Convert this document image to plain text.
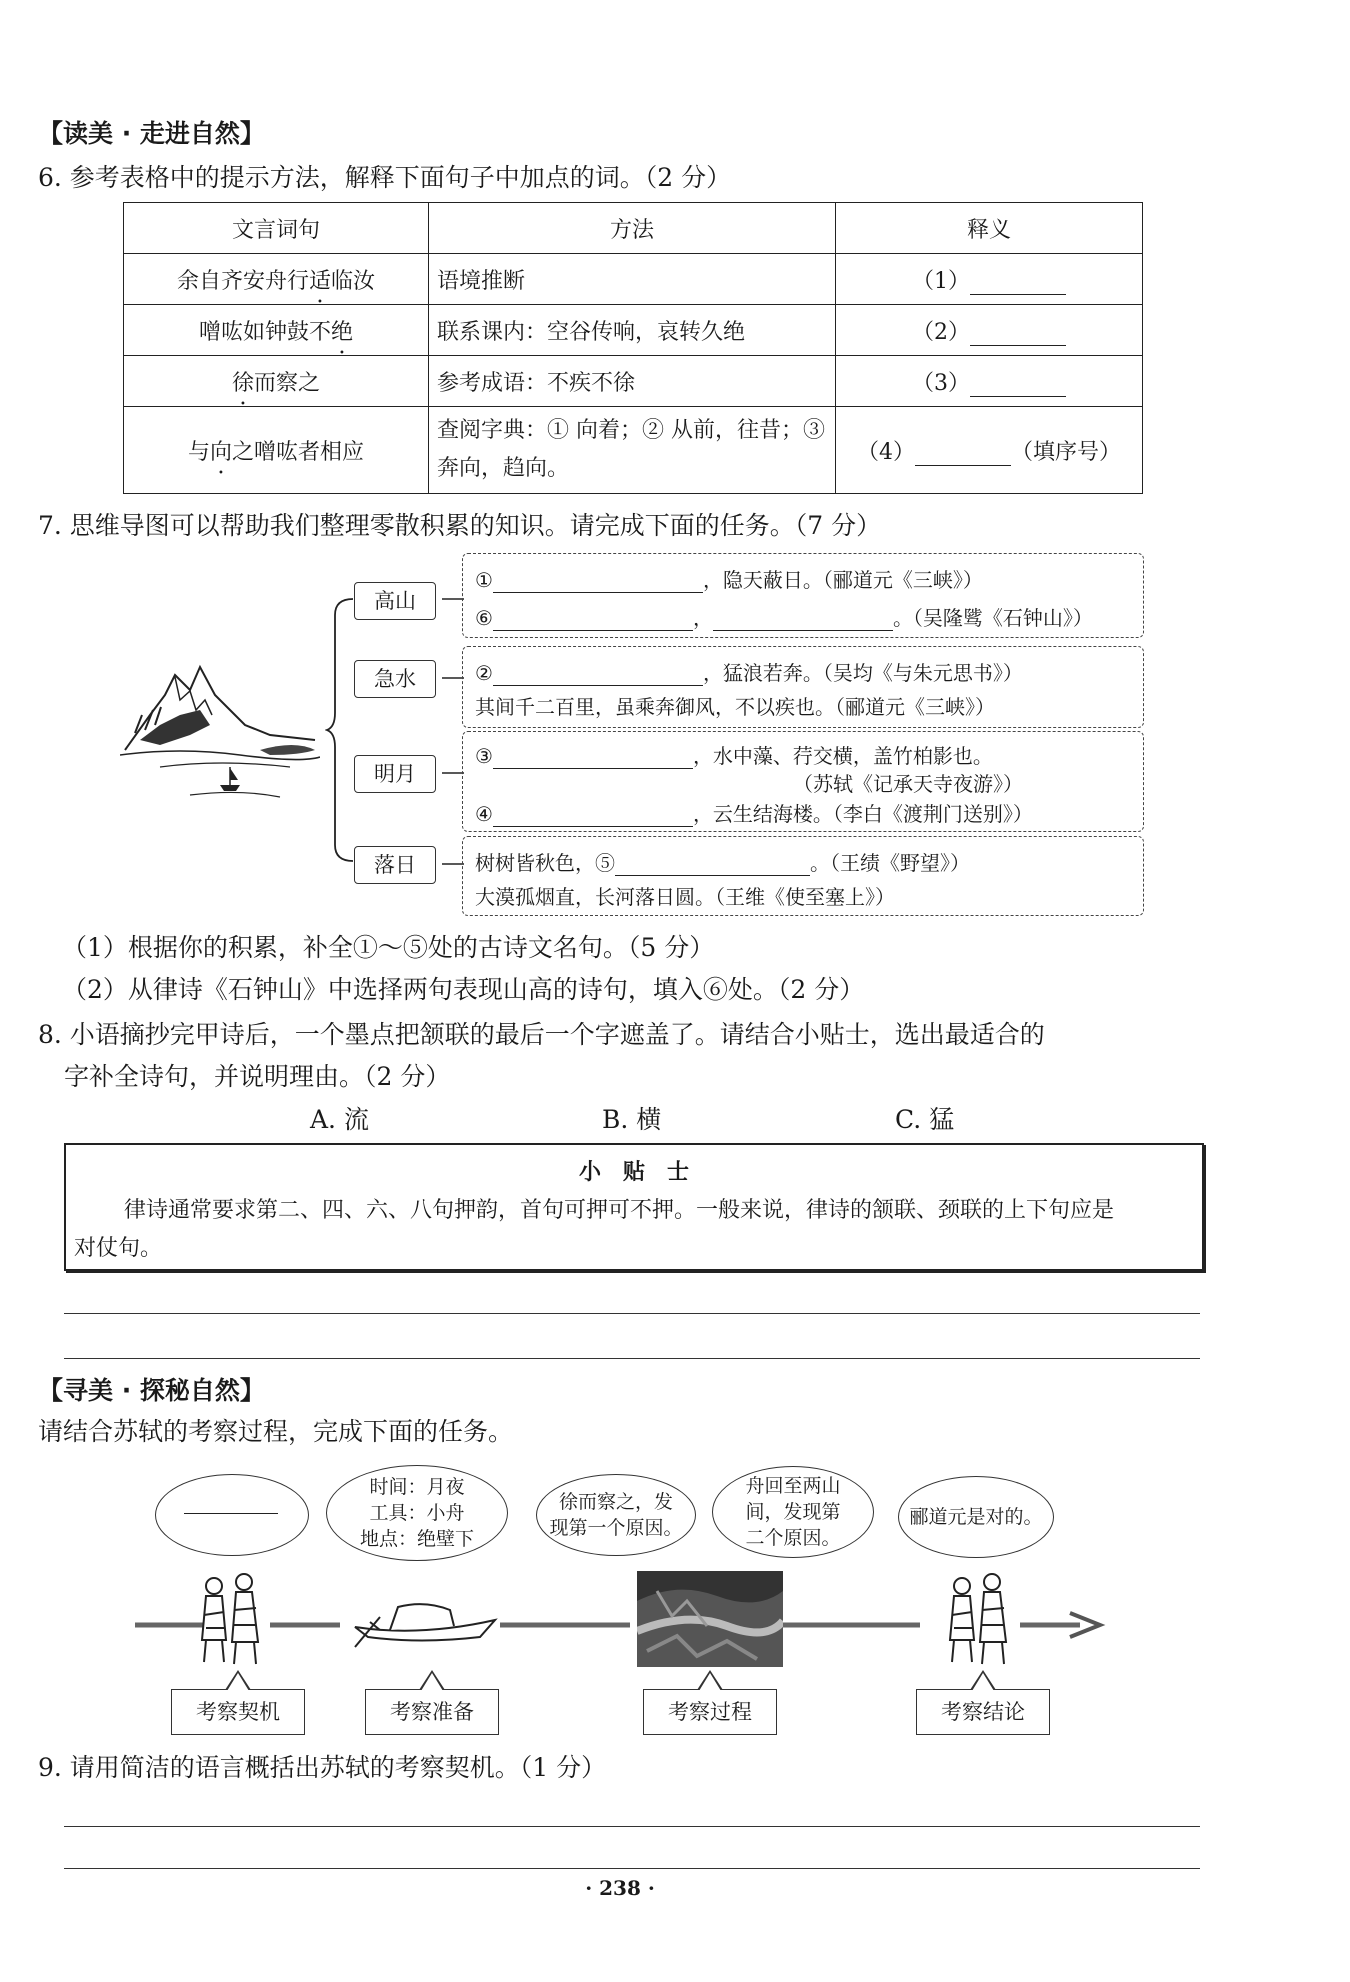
【读美 · 走进自然】
6. 参考表格中的提示方法，解释下面句子中加点的词。（2 分）
文言词句	方法	释义
余自齐安舟行适临汝	语境推断	（1）
噌吰如钟鼓不绝	联系课内：空谷传响，哀转久绝	（2）
徐而察之	参考成语：不疾不徐	（3）
与向之噌吰者相应	查阅字典：① 向着；② 从前，往昔；③奔向，趋向。	（4） （填序号）
7. 思维导图可以帮助我们整理零散积累的知识。请完成下面的任务。（7 分）
高山
急水
明月
落日
①	，隐天蔽日。（郦道元《三峡》）
⑥	，	。（吴隆骘《石钟山》）
②	，猛浪若奔。（吴均《与朱元思书》）
其间千二百里，虽乘奔御风，不以疾也。（郦道元《三峡》）
③	，水中藻、荇交横，盖竹柏影也。
（苏轼《记承天寺夜游》）
④	，云生结海楼。（李白《渡荆门送别》）
树树皆秋色，⑤	。（王绩《野望》）
大漠孤烟直，长河落日圆。（王维《使至塞上》）
（1）根据你的积累，补全①～⑤处的古诗文名句。（5 分）
（2）从律诗《石钟山》中选择两句表现山高的诗句，填入⑥处。（2 分）
8. 小语摘抄完甲诗后，一个墨点把颔联的最后一个字遮盖了。请结合小贴士，选出最适合的
字补全诗句，并说明理由。（2 分）
A. 流	B. 横	C. 猛
小　贴　士
律诗通常要求第二、四、六、八句押韵，首句可押可不押。一般来说，律诗的颔联、颈联的上下句应是
对仗句。
【寻美 · 探秘自然】
请结合苏轼的考察过程，完成下面的任务。
时间：月夜
工具：小舟
地点：绝壁下
徐而察之，发
现第一个原因。
舟回至两山
间，发现第
二个原因。
郦道元是对的。
考察契机	考察准备	考察过程	考察结论
9. 请用简洁的语言概括出苏轼的考察契机。（1 分）
· 238 ·
